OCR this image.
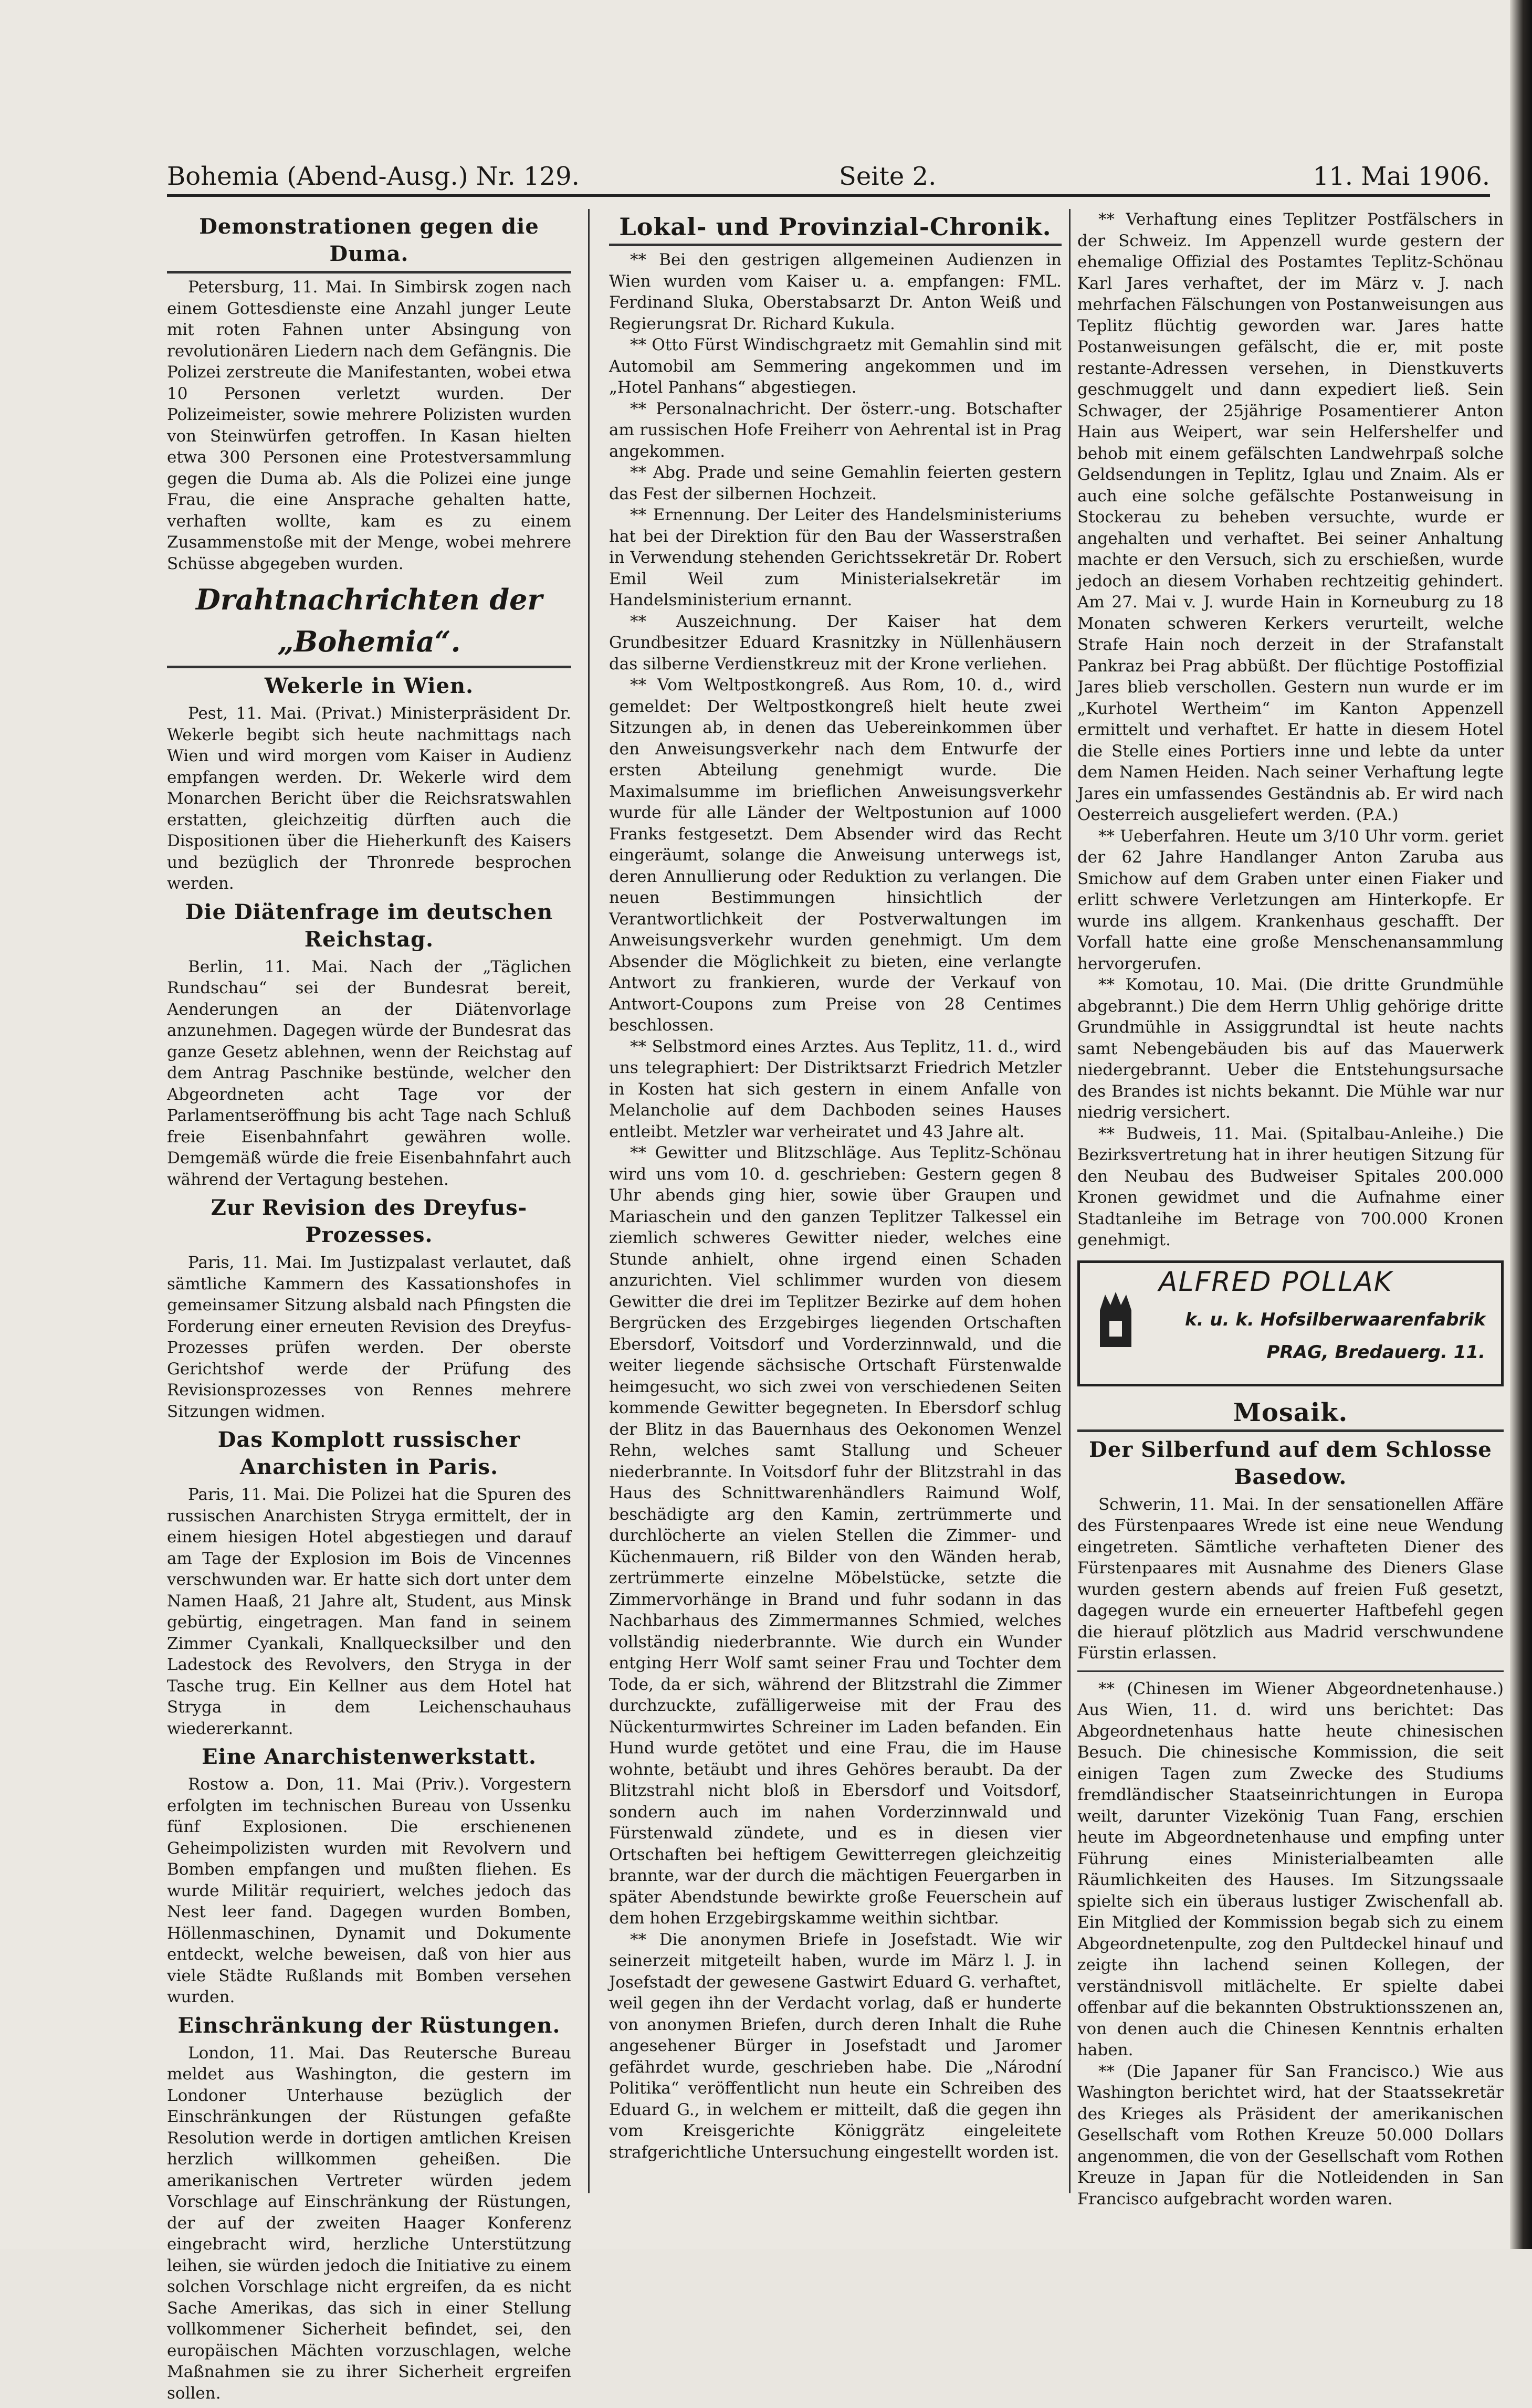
Bohemia (Abend-Ausg.) Nr. 129.	Seite 2.	11. Mai 1906.
Demonstrationen gegen die Duma.

Petersburg, 11. Mai. In Simbirsk zogen nach einem Gottesdienste eine Anzahl junger Leute mit roten Fahnen unter Absingung von revolutionären Liedern nach dem Gefängnis. Die Polizei zerstreute die Manifestanten, wobei etwa 10 Personen verletzt wurden. Der Polizeimeister, sowie mehrere Polizisten wurden von Steinwürfen getroffen. In Kasan hielten etwa 300 Personen eine Protestversammlung gegen die Duma ab. Als die Polizei eine junge Frau, die eine Ansprache gehalten hatte, verhaften wollte, kam es zu einem Zusammenstoße mit der Menge, wobei mehrere Schüsse abgegeben wurden.

Drahtnachrichten der „Bohemia“.
Wekerle in Wien.

Pest, 11. Mai. (Privat.) Ministerpräsident Dr. Wekerle begibt sich heute nachmittags nach Wien und wird morgen vom Kaiser in Audienz empfangen werden. Dr. Wekerle wird dem Monarchen Bericht über die Reichsratswahlen erstatten, gleichzeitig dürften auch die Dispositionen über die Hieherkunft des Kaisers und bezüglich der Thronrede besprochen werden.

Die Diätenfrage im deutschen Reichstag.

Berlin, 11. Mai. Nach der „Täglichen Rundschau“ sei der Bundesrat bereit, Aenderungen an der Diätenvorlage anzunehmen. Dagegen würde der Bundesrat das ganze Gesetz ablehnen, wenn der Reichstag auf dem Antrag Paschnike bestünde, welcher den Abgeordneten acht Tage vor der Parlamentseröffnung bis acht Tage nach Schluß freie Eisenbahnfahrt gewähren wolle. Demgemäß würde die freie Eisenbahnfahrt auch während der Vertagung bestehen.

Zur Revision des Dreyfus-Prozesses.

Paris, 11. Mai. Im Justizpalast verlautet, daß sämtliche Kammern des Kassationshofes in gemeinsamer Sitzung alsbald nach Pfingsten die Forderung einer erneuten Revision des Dreyfus-Prozesses prüfen werden. Der oberste Gerichtshof werde der Prüfung des Revisionsprozesses von Rennes mehrere Sitzungen widmen.

Das Komplott russischer Anarchisten in Paris.

Paris, 11. Mai. Die Polizei hat die Spuren des russischen Anarchisten Stryga ermittelt, der in einem hiesigen Hotel abgestiegen und darauf am Tage der Explosion im Bois de Vincennes verschwunden war. Er hatte sich dort unter dem Namen Haaß, 21 Jahre alt, Student, aus Minsk gebürtig, eingetragen. Man fand in seinem Zimmer Cyankali, Knallquecksilber und den Ladestock des Revolvers, den Stryga in der Tasche trug. Ein Kellner aus dem Hotel hat Stryga in dem Leichenschauhaus wiedererkannt.

Eine Anarchistenwerkstatt.

Rostow a. Don, 11. Mai (Priv.). Vorgestern erfolgten im technischen Bureau von Ussenku fünf Explosionen. Die erschienenen Geheimpolizisten wurden mit Revolvern und Bomben empfangen und mußten fliehen. Es wurde Militär requiriert, welches jedoch das Nest leer fand. Dagegen wurden Bomben, Höllenmaschinen, Dynamit und Dokumente entdeckt, welche beweisen, daß von hier aus viele Städte Rußlands mit Bomben versehen wurden.

Einschränkung der Rüstungen.

London, 11. Mai. Das Reutersche Bureau meldet aus Washington, die gestern im Londoner Unterhause bezüglich der Einschränkungen der Rüstungen gefaßte Resolution werde in dortigen amtlichen Kreisen herzlich willkommen geheißen. Die amerikanischen Vertreter würden jedem Vorschlage auf Einschränkung der Rüstungen, der auf der zweiten Haager Konferenz eingebracht wird, herzliche Unterstützung leihen, sie würden jedoch die Initiative zu einem solchen Vorschlage nicht ergreifen, da es nicht Sache Amerikas, das sich in einer Stellung vollkommener Sicherheit befindet, sei, den europäischen Mächten vorzuschlagen, welche Maßnahmen sie zu ihrer Sicherheit ergreifen sollen.

Lokal- und Provinzial-Chronik.

** Bei den gestrigen allgemeinen Audienzen in Wien wurden vom Kaiser u. a. empfangen: FML. Ferdinand Sluka, Oberstabsarzt Dr. Anton Weiß und Regierungsrat Dr. Richard Kukula.

** Otto Fürst Windischgraetz mit Gemahlin sind mit Automobil am Semmering angekommen und im „Hotel Panhans“ abgestiegen.

** Personalnachricht. Der österr.-ung. Botschafter am russischen Hofe Freiherr von Aehrental ist in Prag angekommen.

** Abg. Prade und seine Gemahlin feierten gestern das Fest der silbernen Hochzeit.

** Ernennung. Der Leiter des Handelsministeriums hat bei der Direktion für den Bau der Wasserstraßen in Verwendung stehenden Gerichtssekretär Dr. Robert Emil Weil zum Ministerialsekretär im Handelsministerium ernannt.

** Auszeichnung. Der Kaiser hat dem Grundbesitzer Eduard Krasnitzky in Nüllenhäusern das silberne Verdienstkreuz mit der Krone verliehen.

** Vom Weltpostkongreß. Aus Rom, 10. d., wird gemeldet: Der Weltpostkongreß hielt heute zwei Sitzungen ab, in denen das Uebereinkommen über den Anweisungsverkehr nach dem Entwurfe der ersten Abteilung genehmigt wurde. Die Maximalsumme im brieflichen Anweisungsverkehr wurde für alle Länder der Weltpostunion auf 1000 Franks festgesetzt. Dem Absender wird das Recht eingeräumt, solange die Anweisung unterwegs ist, deren Annullierung oder Reduktion zu verlangen. Die neuen Bestimmungen hinsichtlich der Verantwortlichkeit der Postverwaltungen im Anweisungsverkehr wurden genehmigt. Um dem Absender die Möglichkeit zu bieten, eine verlangte Antwort zu frankieren, wurde der Verkauf von Antwort-Coupons zum Preise von 28 Centimes beschlossen.

** Selbstmord eines Arztes. Aus Teplitz, 11. d., wird uns telegraphiert: Der Distriktsarzt Friedrich Metzler in Kosten hat sich gestern in einem Anfalle von Melancholie auf dem Dachboden seines Hauses entleibt. Metzler war verheiratet und 43 Jahre alt.

** Gewitter und Blitzschläge. Aus Teplitz-Schönau wird uns vom 10. d. geschrieben: Gestern gegen 8 Uhr abends ging hier, sowie über Graupen und Mariaschein und den ganzen Teplitzer Talkessel ein ziemlich schweres Gewitter nieder, welches eine Stunde anhielt, ohne irgend einen Schaden anzurichten. Viel schlimmer wurden von diesem Gewitter die drei im Teplitzer Bezirke auf dem hohen Bergrücken des Erzgebirges liegenden Ortschaften Ebersdorf, Voitsdorf und Vorderzinnwald, und die weiter liegende sächsische Ortschaft Fürstenwalde heimgesucht, wo sich zwei von verschiedenen Seiten kommende Gewitter begegneten. In Ebersdorf schlug der Blitz in das Bauernhaus des Oekonomen Wenzel Rehn, welches samt Stallung und Scheuer niederbrannte. In Voitsdorf fuhr der Blitzstrahl in das Haus des Schnittwarenhändlers Raimund Wolf, beschädigte arg den Kamin, zertrümmerte und durchlöcherte an vielen Stellen die Zimmer- und Küchenmauern, riß Bilder von den Wänden herab, zertrümmerte einzelne Möbelstücke, setzte die Zimmervorhänge in Brand und fuhr sodann in das Nachbarhaus des Zimmermannes Schmied, welches vollständig niederbrannte. Wie durch ein Wunder entging Herr Wolf samt seiner Frau und Tochter dem Tode, da er sich, während der Blitzstrahl die Zimmer durchzuckte, zufälligerweise mit der Frau des Nückenturmwirtes Schreiner im Laden befanden. Ein Hund wurde getötet und eine Frau, die im Hause wohnte, betäubt und ihres Gehöres beraubt. Da der Blitzstrahl nicht bloß in Ebersdorf und Voitsdorf, sondern auch im nahen Vorderzinnwald und Fürstenwald zündete, und es in diesen vier Ortschaften bei heftigem Gewitterregen gleichzeitig brannte, war der durch die mächtigen Feuergarben in später Abendstunde bewirkte große Feuerschein auf dem hohen Erzgebirgskamme weithin sichtbar.

** Die anonymen Briefe in Josefstadt. Wie wir seinerzeit mitgeteilt haben, wurde im März l. J. in Josefstadt der gewesene Gastwirt Eduard G. verhaftet, weil gegen ihn der Verdacht vorlag, daß er hunderte von anonymen Briefen, durch deren Inhalt die Ruhe angesehener Bürger in Josefstadt und Jaromer gefährdet wurde, geschrieben habe. Die „Národní Politika“ veröffentlicht nun heute ein Schreiben des Eduard G., in welchem er mitteilt, daß die gegen ihn vom Kreisgerichte Königgrätz eingeleitete strafgerichtliche Untersuchung eingestellt worden ist.

** Verhaftung eines Teplitzer Postfälschers in der Schweiz. Im Appenzell wurde gestern der ehemalige Offizial des Postamtes Teplitz-Schönau Karl Jares verhaftet, der im März v. J. nach mehrfachen Fälschungen von Postanweisungen aus Teplitz flüchtig geworden war. Jares hatte Postanweisungen gefälscht, die er, mit poste restante-Adressen versehen, in Dienstkuverts geschmuggelt und dann expediert ließ. Sein Schwager, der 25jährige Posamentierer Anton Hain aus Weipert, war sein Helfershelfer und behob mit einem gefälschten Landwehrpaß solche Geldsendungen in Teplitz, Iglau und Znaim. Als er auch eine solche gefälschte Postanweisung in Stockerau zu beheben versuchte, wurde er angehalten und verhaftet. Bei seiner Anhaltung machte er den Versuch, sich zu erschießen, wurde jedoch an diesem Vorhaben rechtzeitig gehindert. Am 27. Mai v. J. wurde Hain in Korneuburg zu 18 Monaten schweren Kerkers verurteilt, welche Strafe Hain noch derzeit in der Strafanstalt Pankraz bei Prag abbüßt. Der flüchtige Postoffizial Jares blieb verschollen. Gestern nun wurde er im „Kurhotel Wertheim“ im Kanton Appenzell ermittelt und verhaftet. Er hatte in diesem Hotel die Stelle eines Portiers inne und lebte da unter dem Namen Heiden. Nach seiner Verhaftung legte Jares ein umfassendes Geständnis ab. Er wird nach Oesterreich ausgeliefert werden. (P.A.)

** Ueberfahren. Heute um 3/10 Uhr vorm. geriet der 62 Jahre Handlanger Anton Zaruba aus Smichow auf dem Graben unter einen Fiaker und erlitt schwere Verletzungen am Hinterkopfe. Er wurde ins allgem. Krankenhaus geschafft. Der Vorfall hatte eine große Menschenansammlung hervorgerufen.

** Komotau, 10. Mai. (Die dritte Grundmühle abgebrannt.) Die dem Herrn Uhlig gehörige dritte Grundmühle in Assiggrundtal ist heute nachts samt Nebengebäuden bis auf das Mauerwerk niedergebrannt. Ueber die Entstehungsursache des Brandes ist nichts bekannt. Die Mühle war nur niedrig versichert.

** Budweis, 11. Mai. (Spitalbau-Anleihe.) Die Bezirksvertretung hat in ihrer heutigen Sitzung für den Neubau des Budweiser Spitales 200.000 Kronen gewidmet und die Aufnahme einer Stadtanleihe im Betrage von 700.000 Kronen genehmigt.

ALFRED POLLAK
k. u. k. Hofsilberwaarenfabrik
PRAG, Bredauerg. 11.
Mosaik.
Der Silberfund auf dem Schlosse Basedow.

Schwerin, 11. Mai. In der sensationellen Affäre des Fürstenpaares Wrede ist eine neue Wendung eingetreten. Sämtliche verhafteten Diener des Fürstenpaares mit Ausnahme des Dieners Glase wurden gestern abends auf freien Fuß gesetzt, dagegen wurde ein erneuerter Haftbefehl gegen die hierauf plötzlich aus Madrid verschwundene Fürstin erlassen.

** (Chinesen im Wiener Abgeordnetenhause.) Aus Wien, 11. d. wird uns berichtet: Das Abgeordnetenhaus hatte heute chinesischen Besuch. Die chinesische Kommission, die seit einigen Tagen zum Zwecke des Studiums fremdländischer Staatseinrichtungen in Europa weilt, darunter Vizekönig Tuan Fang, erschien heute im Abgeordnetenhause und empfing unter Führung eines Ministerialbeamten alle Räumlichkeiten des Hauses. Im Sitzungssaale spielte sich ein überaus lustiger Zwischenfall ab. Ein Mitglied der Kommission begab sich zu einem Abgeordnetenpulte, zog den Pultdeckel hinauf und zeigte ihn lachend seinen Kollegen, der verständnisvoll mitlächelte. Er spielte dabei offenbar auf die bekannten Obstruktionsszenen an, von denen auch die Chinesen Kenntnis erhalten haben.

** (Die Japaner für San Francisco.) Wie aus Washington berichtet wird, hat der Staatssekretär des Krieges als Präsident der amerikanischen Gesellschaft vom Rothen Kreuze 50.000 Dollars angenommen, die von der Gesellschaft vom Rothen Kreuze in Japan für die Notleidenden in San Francisco aufgebracht worden waren.
